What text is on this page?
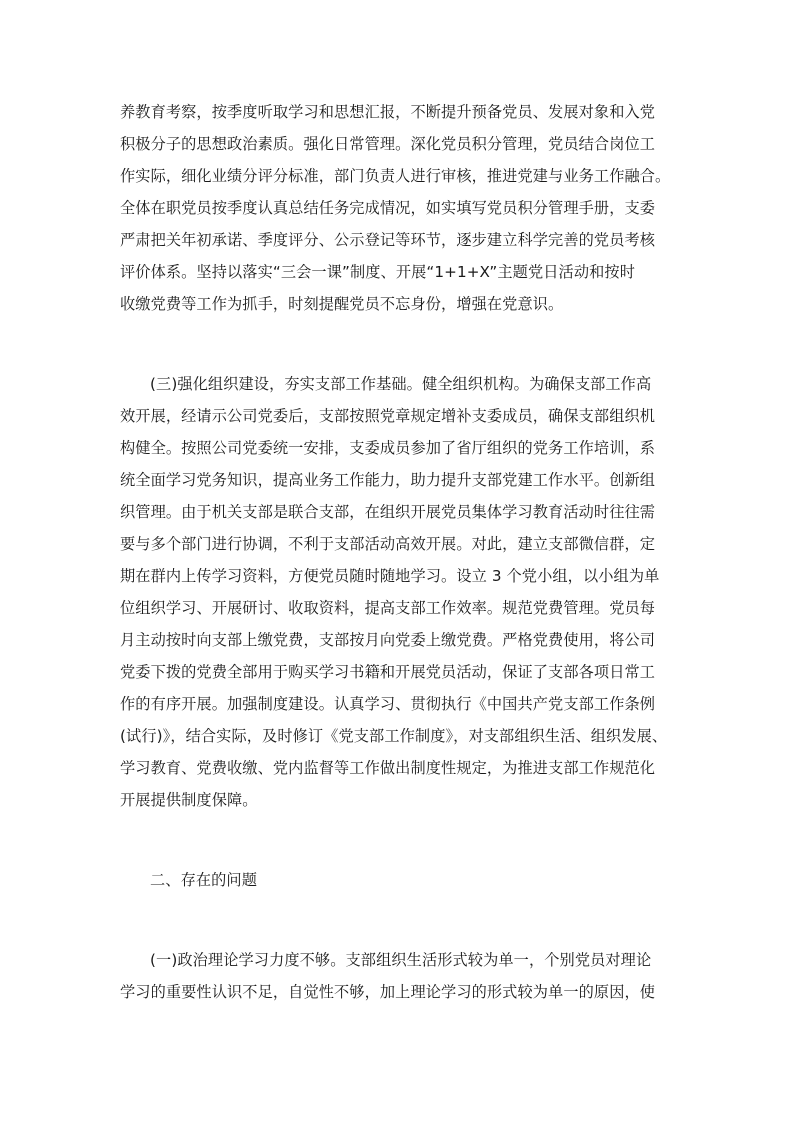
养教育考察，按季度听取学习和思想汇报，不断提升预备党员、发展对象和入党
积极分子的思想政治素质。强化日常管理。深化党员积分管理，党员结合岗位工
作实际，细化业绩分评分标准，部门负责人进行审核，推进党建与业务工作融合。
全体在职党员按季度认真总结任务完成情况，如实填写党员积分管理手册，支委
严肃把关年初承诺、季度评分、公示登记等环节，逐步建立科学完善的党员考核
评价体系。坚持以落实“三会一课”制度、开展“1+1+X”主题党日活动和按时
收缴党费等工作为抓手，时刻提醒党员不忘身份，增强在党意识。
(三)强化组织建设，夯实支部工作基础。健全组织机构。为确保支部工作高
效开展，经请示公司党委后，支部按照党章规定增补支委成员，确保支部组织机
构健全。按照公司党委统一安排，支委成员参加了省厅组织的党务工作培训，系
统全面学习党务知识，提高业务工作能力，助力提升支部党建工作水平。创新组
织管理。由于机关支部是联合支部，在组织开展党员集体学习教育活动时往往需
要与多个部门进行协调，不利于支部活动高效开展。对此，建立支部微信群，定
期在群内上传学习资料，方便党员随时随地学习。设立 3 个党小组，以小组为单
位组织学习、开展研讨、收取资料，提高支部工作效率。规范党费管理。党员每
月主动按时向支部上缴党费，支部按月向党委上缴党费。严格党费使用，将公司
党委下拨的党费全部用于购买学习书籍和开展党员活动，保证了支部各项日常工
作的有序开展。加强制度建设。认真学习、贯彻执行《中国共产党支部工作条例
(试行)》，结合实际，及时修订《党支部工作制度》，对支部组织生活、组织发展、
学习教育、党费收缴、党内监督等工作做出制度性规定，为推进支部工作规范化
开展提供制度保障。
二、存在的问题
(一)政治理论学习力度不够。支部组织生活形式较为单一，个别党员对理论
学习的重要性认识不足，自觉性不够，加上理论学习的形式较为单一的原因，使
